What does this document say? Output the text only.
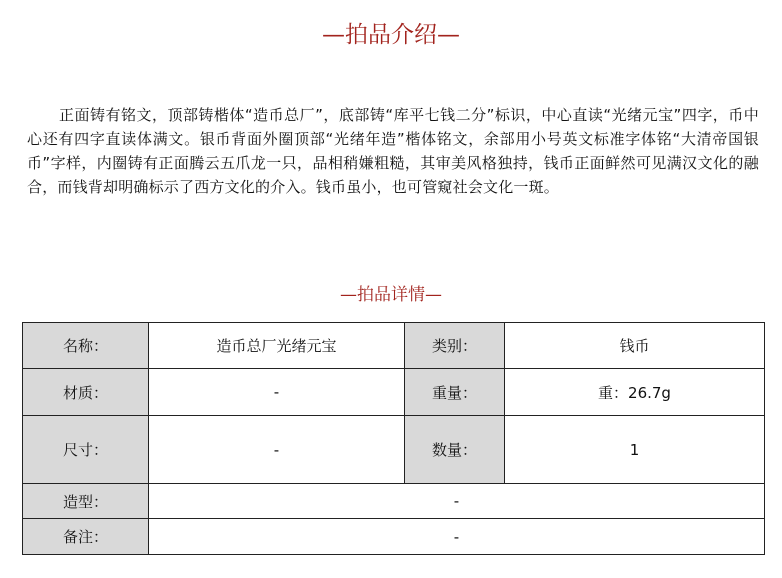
—拍品介绍—

正面铸有铭文，顶部铸楷体“造币总厂”，底部铸“库平七钱二分”标识，中心直读“光绪元宝”四字，币中心还有四字直读体满文。银币背面外圈顶部“光绪年造”楷体铭文，余部用小号英文标准字体铭“大清帝国银币”字样，内圈铸有正面腾云五爪龙一只，品相稍嫌粗糙，其审美风格独持，钱币正面鲜然可见满汉文化的融合，而钱背却明确标示了西方文化的介入。钱币虽小，也可管窥社会文化一斑。

—拍品详情—
名称：	造币总厂光绪元宝	类别：	钱币
材质：	-	重量：	重：26.7g
尺寸：	-	数量：	1
造型：	-		
备注：	-		
